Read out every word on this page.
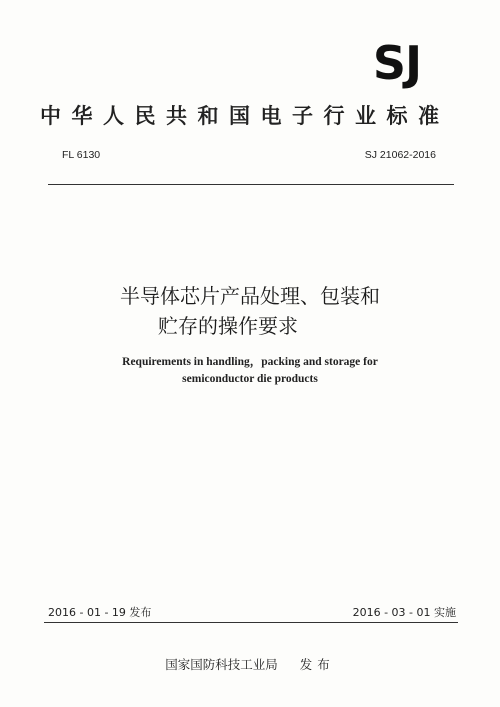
SJ
中华人民共和国电子行业标准
FL 6130	SJ 21062-2016
半导体芯片产品处理、包装和
贮存的操作要求
Requirements in handling，packing and storage for
semiconductor die products
2016 - 01 - 19 发布	2016 - 03 - 01 实施
国家国防科技工业局 发布
